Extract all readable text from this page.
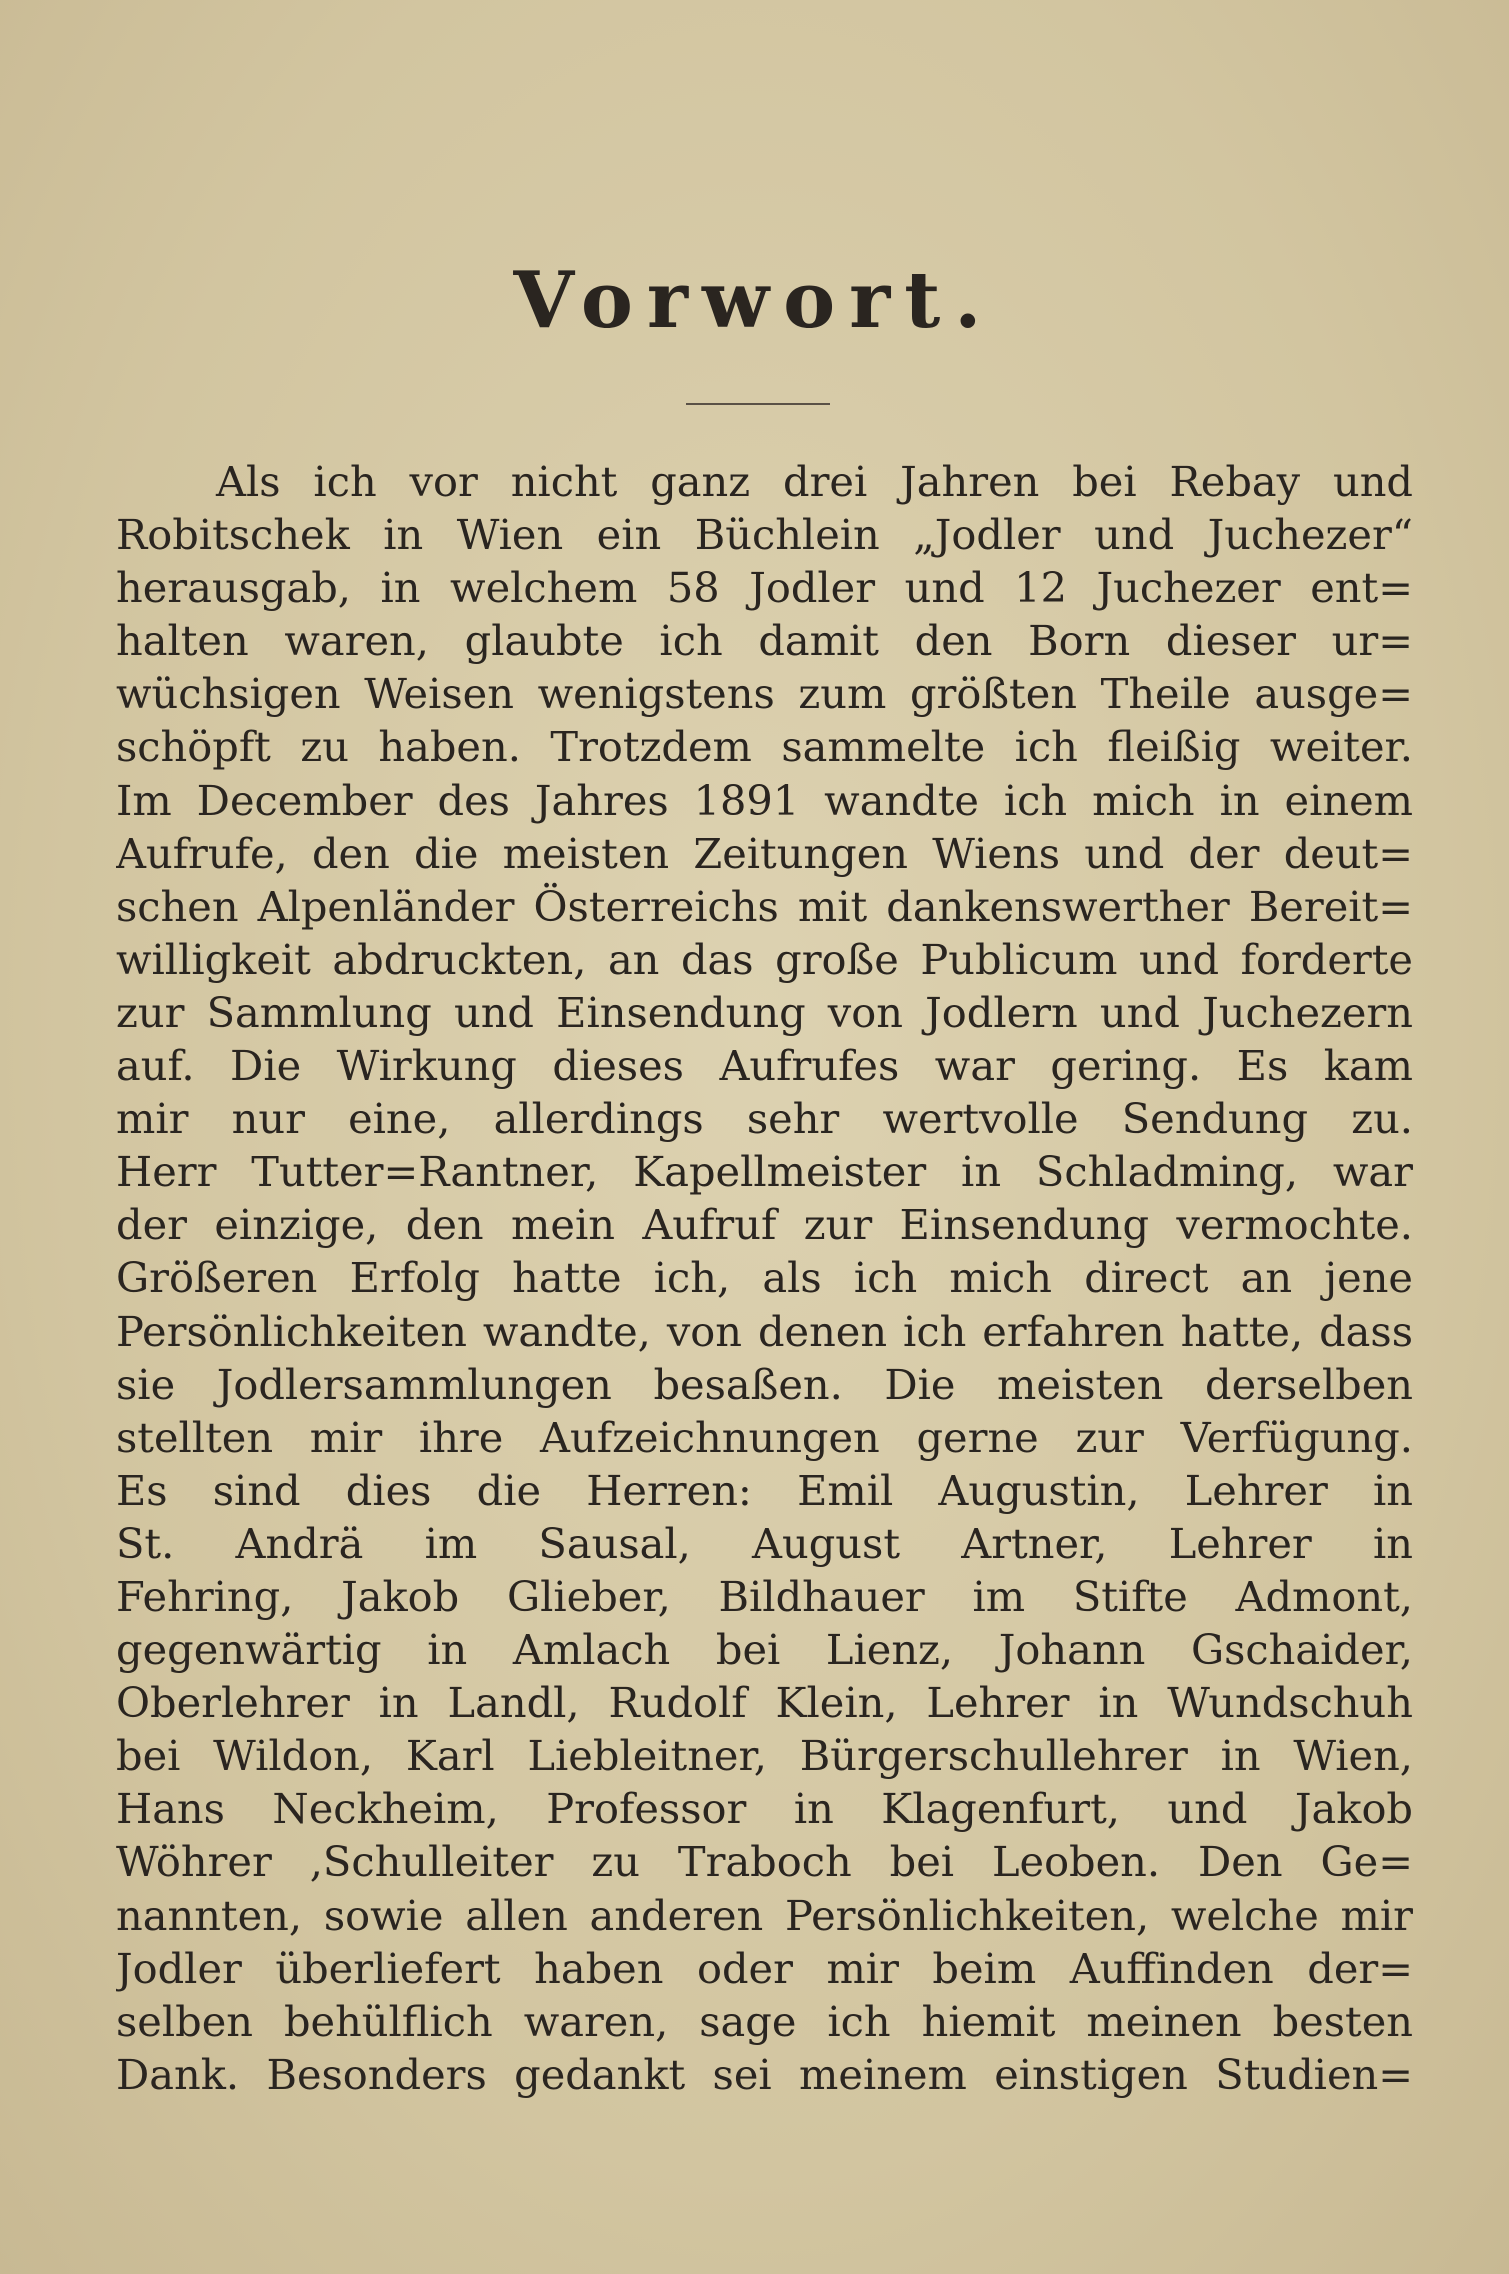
Vorwort.
Als ich vor nicht ganz drei Jahren bei Rebay und
Robitschek in Wien ein Büchlein „Jodler und Juchezer“
herausgab, in welchem 58 Jodler und 12 Juchezer ent=
halten waren, glaubte ich damit den Born dieser ur=
wüchsigen Weisen wenigstens zum größten Theile ausge=
schöpft zu haben. Trotzdem sammelte ich fleißig weiter.
Im December des Jahres 1891 wandte ich mich in einem
Aufrufe, den die meisten Zeitungen Wiens und der deut=
schen Alpenländer Österreichs mit dankenswerther Bereit=
willigkeit abdruckten, an das große Publicum und forderte
zur Sammlung und Einsendung von Jodlern und Juchezern
auf. Die Wirkung dieses Aufrufes war gering. Es kam
mir nur eine, allerdings sehr wertvolle Sendung zu.
Herr Tutter=Rantner, Kapellmeister in Schladming, war
der einzige, den mein Aufruf zur Einsendung vermochte.
Größeren Erfolg hatte ich, als ich mich direct an jene
Persönlichkeiten wandte, von denen ich erfahren hatte, dass
sie Jodlersammlungen besaßen. Die meisten derselben
stellten mir ihre Aufzeichnungen gerne zur Verfügung.
Es sind dies die Herren: Emil Augustin, Lehrer in
St. Andrä im Sausal, August Artner, Lehrer in
Fehring, Jakob Glieber, Bildhauer im Stifte Admont,
gegenwärtig in Amlach bei Lienz, Johann Gschaider,
Oberlehrer in Landl, Rudolf Klein, Lehrer in Wundschuh
bei Wildon, Karl Liebleitner, Bürgerschullehrer in Wien,
Hans Neckheim, Professor in Klagenfurt, und Jakob
Wöhrer ,Schulleiter zu Traboch bei Leoben. Den Ge=
nannten, sowie allen anderen Persönlichkeiten, welche mir
Jodler überliefert haben oder mir beim Auffinden der=
selben behülflich waren, sage ich hiemit meinen besten
Dank. Besonders gedankt sei meinem einstigen Studien=
